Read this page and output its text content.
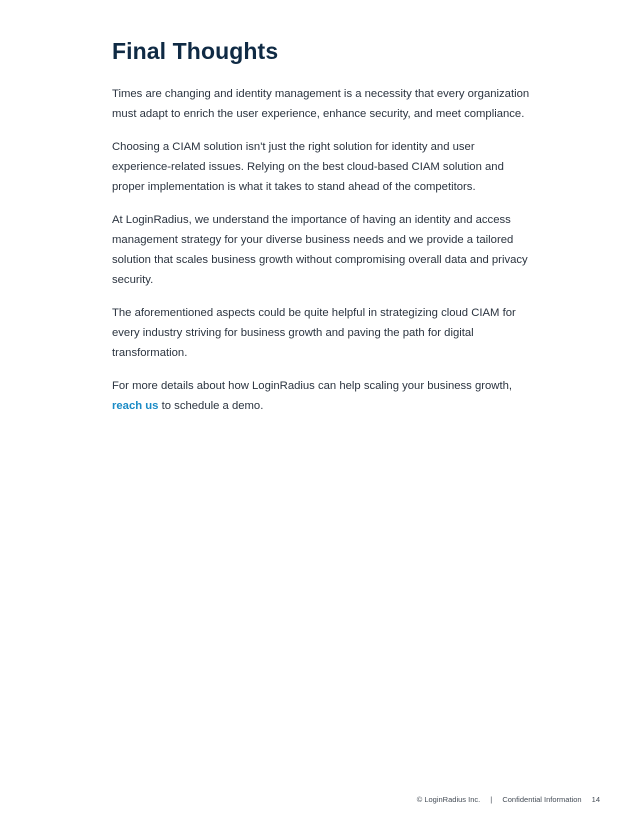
Final Thoughts

Times are changing and identity management is a necessity that every organization must adapt to enrich the user experience, enhance security, and meet compliance.

Choosing a CIAM solution isn't just the right solution for identity and user experience-related issues. Relying on the best cloud-based CIAM solution and proper implementation is what it takes to stand ahead of the competitors.

At LoginRadius, we understand the importance of having an identity and access management strategy for your diverse business needs and we provide a tailored solution that scales business growth without compromising overall data and privacy security.

The aforementioned aspects could be quite helpful in strategizing cloud CIAM for every industry striving for business growth and paving the path for digital transformation.

For more details about how LoginRadius can help scaling your business growth,
reach us to schedule a demo.

© LoginRadius Inc. | Confidential Information 14
